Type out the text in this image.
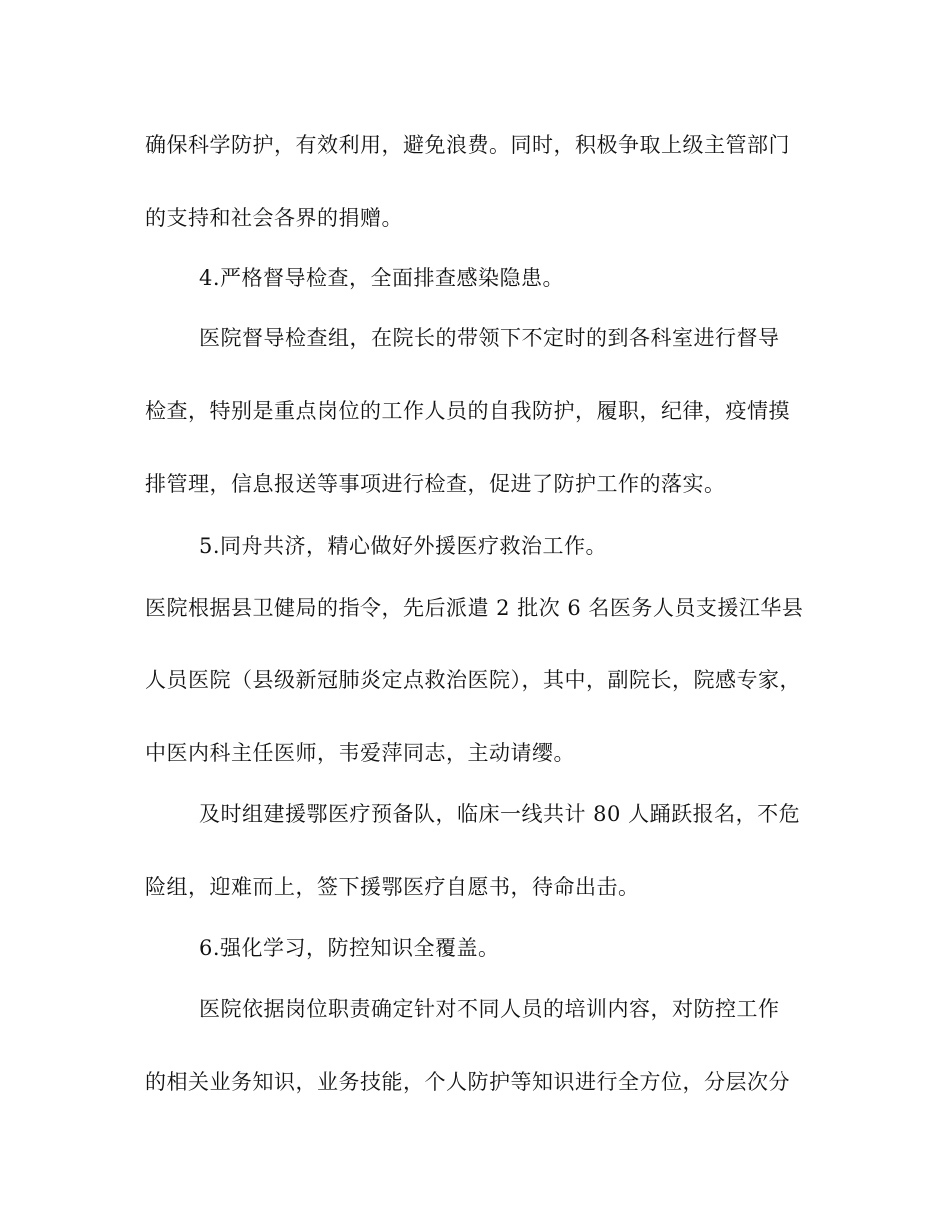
确保科学防护，有效利用，避免浪费。同时，积极争取上级主管部门
的支持和社会各界的捐赠。
4.严格督导检查，全面排查感染隐患。
医院督导检查组，在院长的带领下不定时的到各科室进行督导
检查，特别是重点岗位的工作人员的自我防护，履职，纪律，疫情摸
排管理，信息报送等事项进行检查，促进了防护工作的落实。
5.同舟共济，精心做好外援医疗救治工作。
医院根据县卫健局的指令，先后派遣 2 批次 6 名医务人员支援江华县
人员医院（县级新冠肺炎定点救治医院），其中，副院长，院感专家，
中医内科主任医师，韦爱萍同志，主动请缨。
及时组建援鄂医疗预备队，临床一线共计 80 人踊跃报名，不危
险组，迎难而上，签下援鄂医疗自愿书，待命出击。
6.强化学习，防控知识全覆盖。
医院依据岗位职责确定针对不同人员的培训内容，对防控工作
的相关业务知识，业务技能，个人防护等知识进行全方位，分层次分
